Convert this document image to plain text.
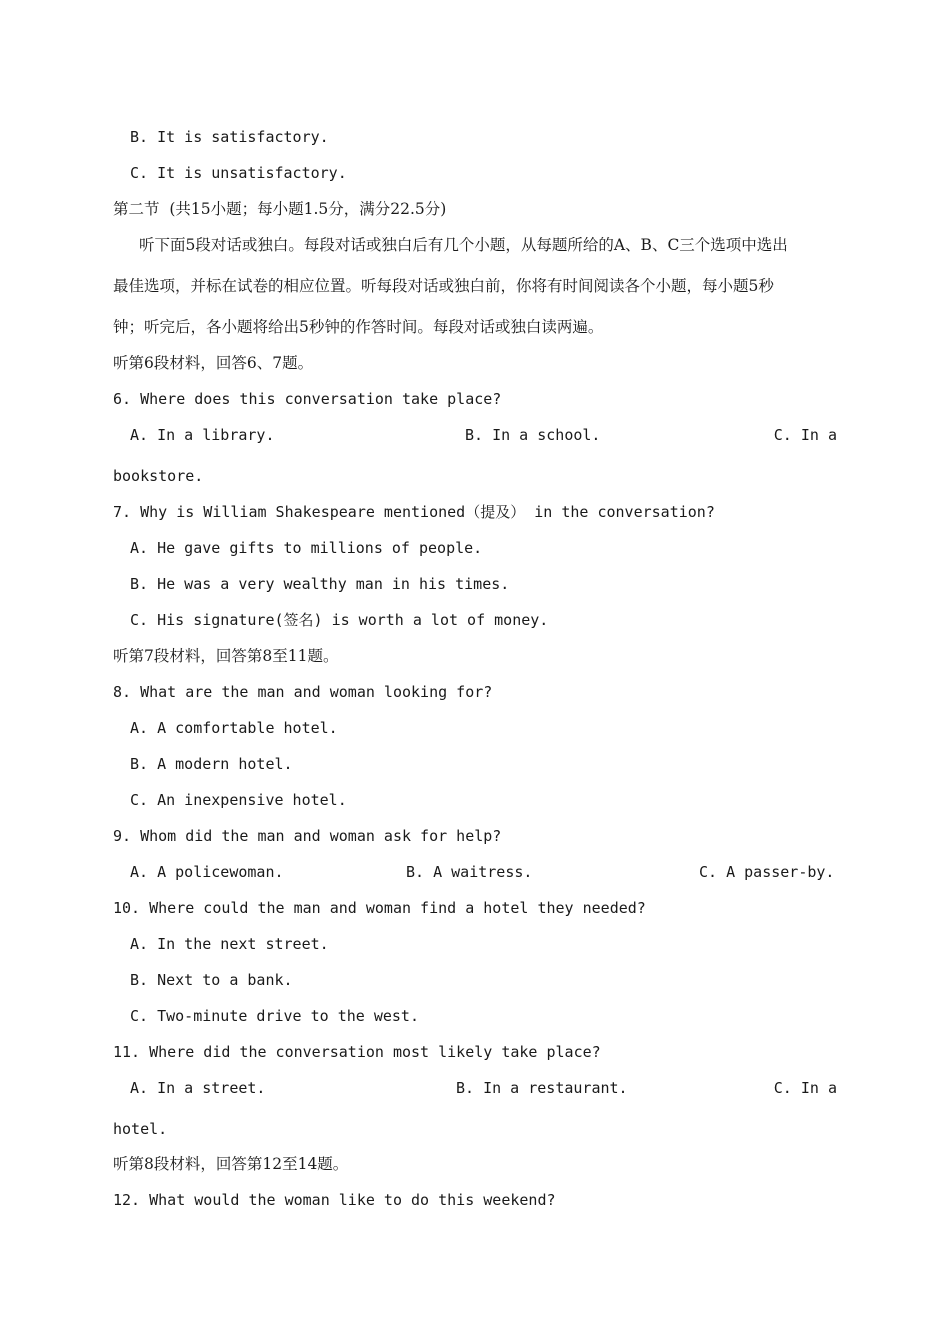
B. It is satisfactory.
C. It is unsatisfactory.
第二节  (共15小题；每小题1.5分，满分22.5分)
听下面5段对话或独白。每段对话或独白后有几个小题，从每题所给的A、B、C三个选项中选出
最佳选项，并标在试卷的相应位置。听每段对话或独白前，你将有时间阅读各个小题，每小题5秒
钟；听完后，各小题将给出5秒钟的作答时间。每段对话或独白读两遍。
听第6段材料，回答6、7题。
6. Where does this conversation take place?
A. In a library.	B. In a school.	C. In a
bookstore.
7. Why is William Shakespeare mentioned（提及） in the conversation?
A. He gave gifts to millions of people.
B. He was a very wealthy man in his times.
C. His signature(签名) is worth a lot of money.
听第7段材料，回答第8至11题。
8. What are the man and woman looking for?
A. A comfortable hotel.
B. A modern hotel.
C. An inexpensive hotel.
9. Whom did the man and woman ask for help?
A. A policewoman.	B. A waitress.	C. A passer-by.
10. Where could the man and woman find a hotel they needed?
A. In the next street.
B. Next to a bank.
C. Two-minute drive to the west.
11. Where did the conversation most likely take place?
A. In a street.	B. In a restaurant.	C. In a
hotel.
听第8段材料，回答第12至14题。
12. What would the woman like to do this weekend?
